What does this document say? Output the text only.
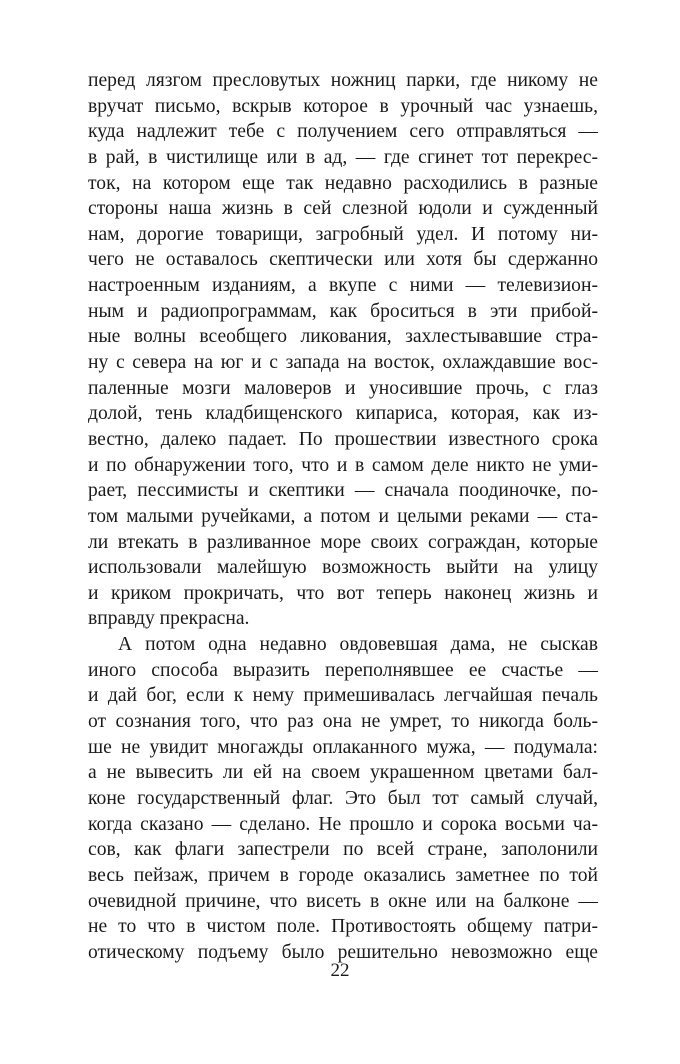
перед лязгом пресловутых ножниц парки, где никому не
вручат письмо, вскрыв которое в урочный час узнаешь,
куда надлежит тебе с получением сего отправляться —
в рай, в чистилище или в ад, — где сгинет тот перекрес-
ток, на котором еще так недавно расходились в разные
стороны наша жизнь в сей слезной юдоли и сужденный
нам, дорогие товарищи, загробный удел. И потому ни-
чего не оставалось скептически или хотя бы сдержанно
настроенным изданиям, а вкупе с ними — телевизион-
ным и радиопрограммам, как броситься в эти прибой-
ные волны всеобщего ликования, захлестывавшие стра-
ну с севера на юг и с запада на восток, охлаждавшие вос-
паленные мозги маловеров и уносившие прочь, с глаз
долой, тень кладбищенского кипариса, которая, как из-
вестно, далеко падает. По прошествии известного срока
и по обнаружении того, что и в самом деле никто не уми-
рает, пессимисты и скептики — сначала поодиночке, по-
том малыми ручейками, а потом и целыми реками — ста-
ли втекать в разливанное море своих сограждан, которые
использовали малейшую возможность выйти на улицу
и криком прокричать, что вот теперь наконец жизнь и
вправду прекрасна.
А потом одна недавно овдовевшая дама, не сыскав
иного способа выразить переполнявшее ее счастье —
и дай бог, если к нему примешивалась легчайшая печаль
от сознания того, что раз она не умрет, то никогда боль-
ше не увидит многажды оплаканного мужа, — подумала:
а не вывесить ли ей на своем украшенном цветами бал-
коне государственный флаг. Это был тот самый случай,
когда сказано — сделано. Не прошло и сорока восьми ча-
сов, как флаги запестрели по всей стране, заполонили
весь пейзаж, причем в городе оказались заметнее по той
очевидной причине, что висеть в окне или на балконе —
не то что в чистом поле. Противостоять общему патри-
отическому подъему было решительно невозможно еще
22
